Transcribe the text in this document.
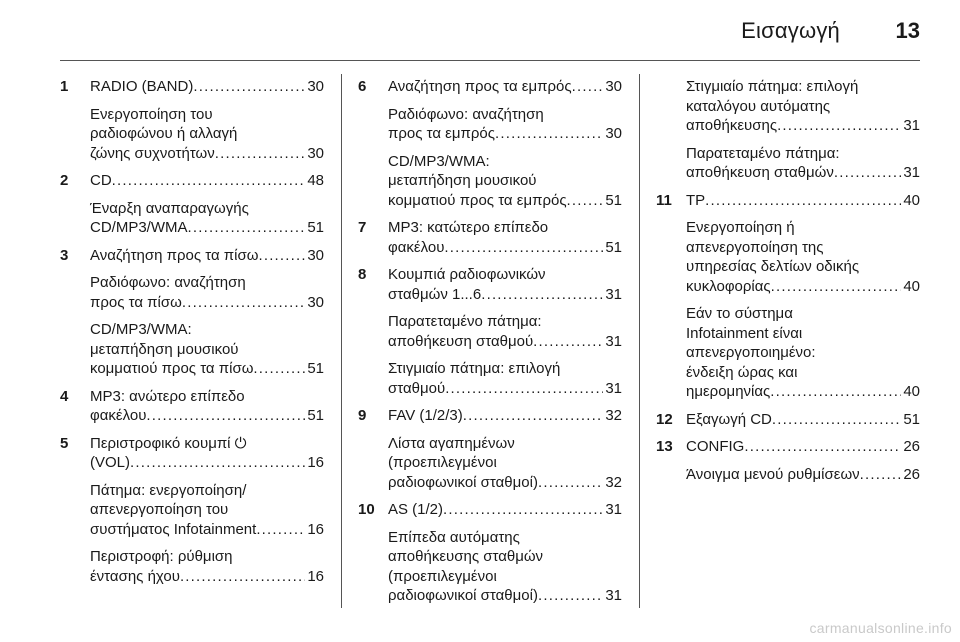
Εισαγωγή	13
1 RADIO (BAND) .....	30
Ενεργοποίηση του
ραδιοφώνου ή αλλαγή
ζώνης συχνοτήτων .....	30
2 CD .....	48
Έναρξη αναπαραγωγής
CD/MP3/WMA .....	51
3 Αναζήτηση προς τα πίσω .....	30
Ραδιόφωνο: αναζήτηση
προς τα πίσω .....	30
CD/MP3/WMA:
μεταπήδηση μουσικού
κομματιού προς τα πίσω .....	51
4 MP3: ανώτερο επίπεδο
φακέλου .....	51
5 Περιστροφικό κουμπί ⏻
(VOL) .....	16
Πάτημα: ενεργοποίηση/
απενεργοποίηση του
συστήματος Infotainment .....	16
Περιστροφή: ρύθμιση
έντασης ήχου .....	16
6 Αναζήτηση προς τα εμπρός ..... 30
Ραδιόφωνο: αναζήτηση
προς τα εμπρός .....	30
CD/MP3/WMA:
μεταπήδηση μουσικού
κομματιού προς τα εμπρός .....	51
7 MP3: κατώτερο επίπεδο
φακέλου .....	51
8 Κουμπιά ραδιοφωνικών
σταθμών 1...6 .....	31
Παρατεταμένο πάτημα:
αποθήκευση σταθμού .....	31
Στιγμιαίο πάτημα: επιλογή
σταθμού .....	31
9 FAV (1/2/3) .....	32
Λίστα αγαπημένων
(προεπιλεγμένοι
ραδιοφωνικοί σταθμοί) .....	32
10 AS (1/2) .....	31
Επίπεδα αυτόματης
αποθήκευσης σταθμών
(προεπιλεγμένοι
ραδιοφωνικοί σταθμοί) .....	31
Στιγμιαίο πάτημα: επιλογή
καταλόγου αυτόματης
αποθήκευσης .....	31
Παρατεταμένο πάτημα:
αποθήκευση σταθμών .....	31
11 TP .....	40
Ενεργοποίηση ή
απενεργοποίηση της
υπηρεσίας δελτίων οδικής
κυκλοφορίας .....	40
Εάν το σύστημα
Infotainment είναι
απενεργοποιημένο:
ένδειξη ώρας και
ημερομηνίας .....	40
12 Εξαγωγή CD .....	51
13 CONFIG .....	26
Άνοιγμα μενού ρυθμίσεων .....	26
carmanualsonline.info
